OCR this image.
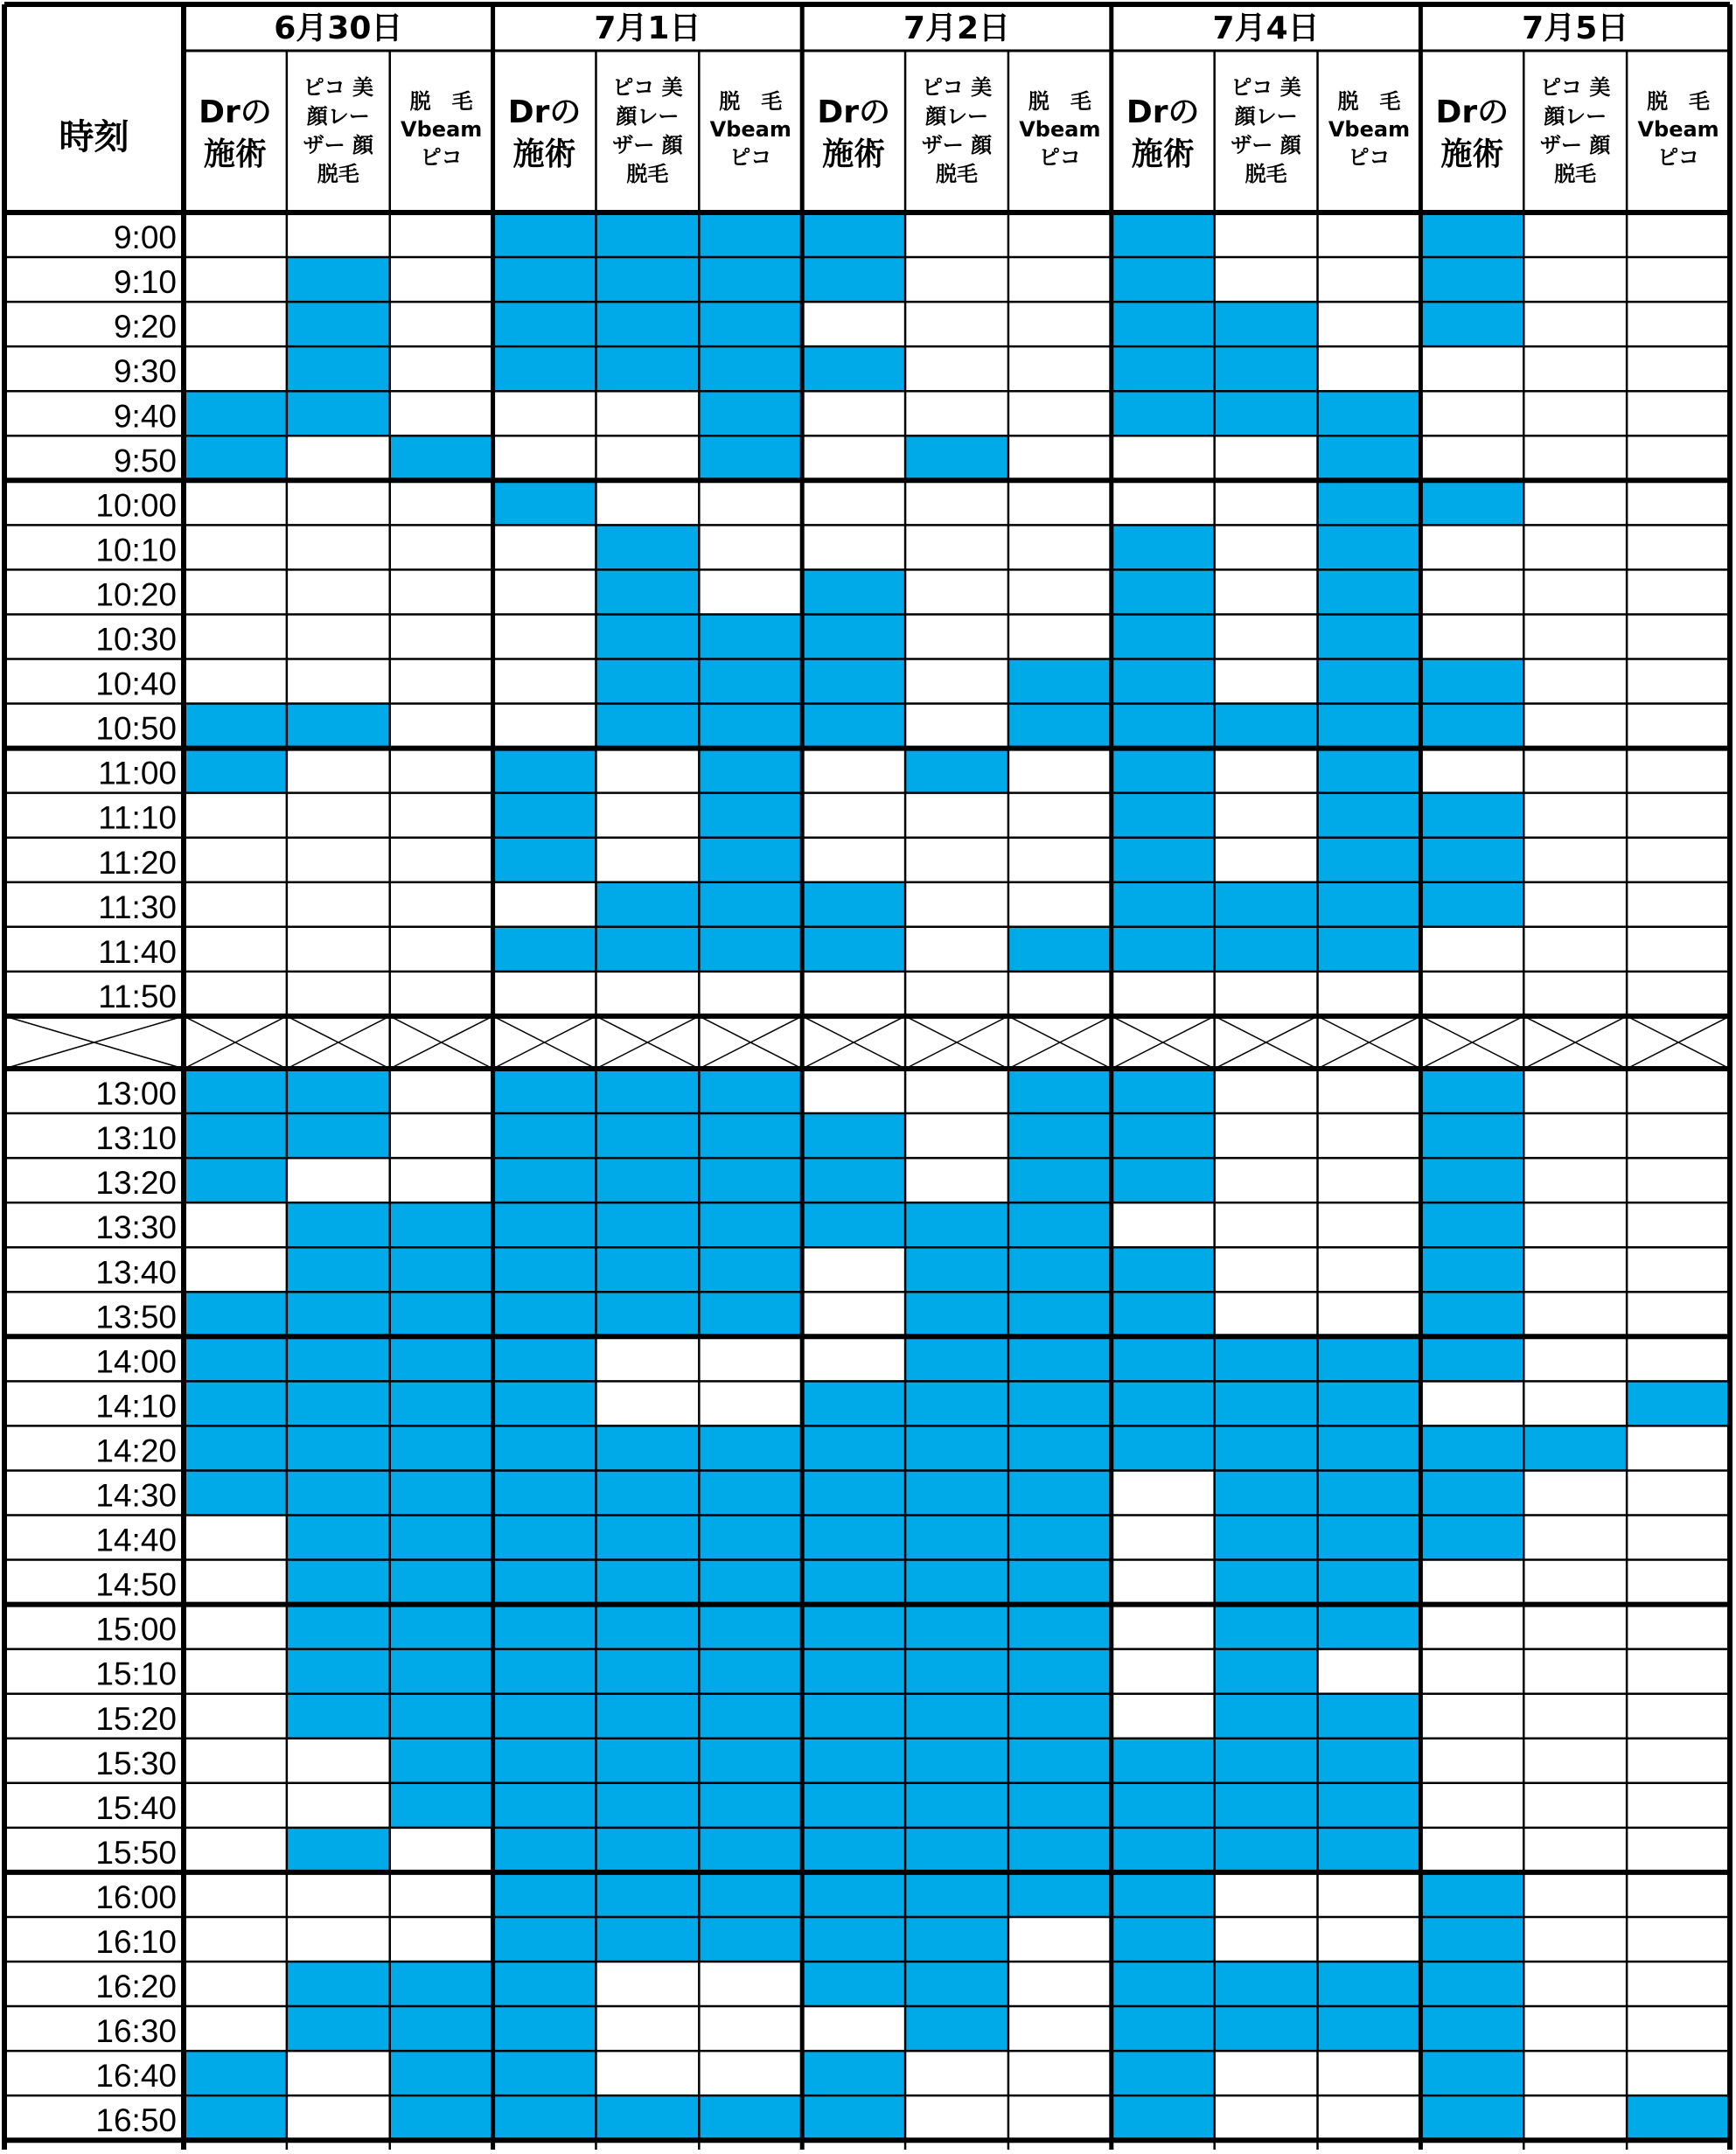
時刻
6月30日
Drの
施術
ピコ 美
顔レー
ザー 顔
脱毛
脱　毛
Vbeam
ピコ
7月1日
Drの
施術
ピコ 美
顔レー
ザー 顔
脱毛
脱　毛
Vbeam
ピコ
7月2日
Drの
施術
ピコ 美
顔レー
ザー 顔
脱毛
脱　毛
Vbeam
ピコ
7月4日
Drの
施術
ピコ 美
顔レー
ザー 顔
脱毛
脱　毛
Vbeam
ピコ
7月5日
Drの
施術
ピコ 美
顔レー
ザー 顔
脱毛
脱　毛
Vbeam
ピコ
9:00
9:10
9:20
9:30
9:40
9:50
10:00
10:10
10:20
10:30
10:40
10:50
11:00
11:10
11:20
11:30
11:40
11:50
13:00
13:10
13:20
13:30
13:40
13:50
14:00
14:10
14:20
14:30
14:40
14:50
15:00
15:10
15:20
15:30
15:40
15:50
16:00
16:10
16:20
16:30
16:40
16:50
